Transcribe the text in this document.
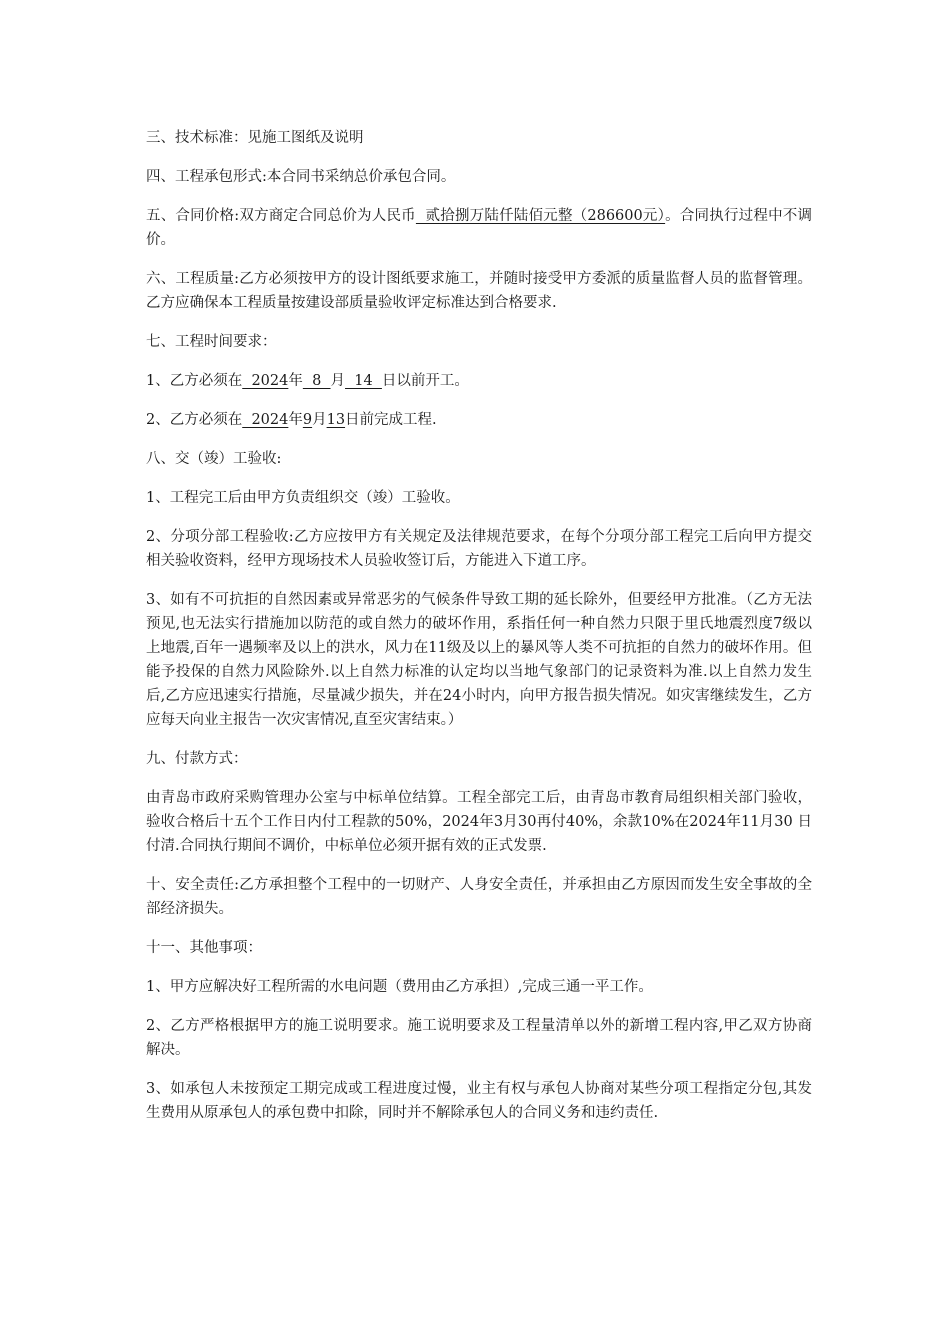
三、技术标准：见施工图纸及说明

四、工程承包形式:本合同书采纳总价承包合同。

五、合同价格:双方商定合同总价为人民币  贰拾捌万陆仟陆佰元整（286600元）。合同执行过程中不调价。

六、工程质量:乙方必须按甲方的设计图纸要求施工，并随时接受甲方委派的质量监督人员的监督管理。乙方应确保本工程质量按建设部质量验收评定标准达到合格要求.

七、工程时间要求：

1、乙方必须在  2024年  8  月  14  日以前开工。

2、乙方必须在  2024年9月13日前完成工程.

八、交（竣）工验收:

1、工程完工后由甲方负责组织交（竣）工验收。

2、分项分部工程验收:乙方应按甲方有关规定及法律规范要求，在每个分项分部工程完工后向甲方提交相关验收资料，经甲方现场技术人员验收签订后，方能进入下道工序。

3、如有不可抗拒的自然因素或异常恶劣的气候条件导致工期的延长除外，但要经甲方批准。（乙方无法预见,也无法实行措施加以防范的或自然力的破坏作用，系指任何一种自然力只限于里氏地震烈度7级以上地震,百年一遇频率及以上的洪水，风力在11级及以上的暴风等人类不可抗拒的自然力的破坏作用。但能予投保的自然力风险除外.以上自然力标准的认定均以当地气象部门的记录资料为准.以上自然力发生后,乙方应迅速实行措施，尽量减少损失，并在24小时内，向甲方报告损失情况。如灾害继续发生，乙方应每天向业主报告一次灾害情况,直至灾害结束。）

九、付款方式：

由青岛市政府采购管理办公室与中标单位结算。工程全部完工后，由青岛市教育局组织相关部门验收，验收合格后十五个工作日内付工程款的50%，2024年3月30再付40%，余款10%在2024年11月30 日付清.合同执行期间不调价，中标单位必须开据有效的正式发票.

十、安全责任:乙方承担整个工程中的一切财产、人身安全责任，并承担由乙方原因而发生安全事故的全部经济损失。

十一、其他事项：

1、甲方应解决好工程所需的水电问题（费用由乙方承担）,完成三通一平工作。

2、乙方严格根据甲方的施工说明要求。施工说明要求及工程量清单以外的新增工程内容,甲乙双方协商解决。

3、如承包人未按预定工期完成或工程进度过慢，业主有权与承包人协商对某些分项工程指定分包,其发生费用从原承包人的承包费中扣除，同时并不解除承包人的合同义务和违约责任.
